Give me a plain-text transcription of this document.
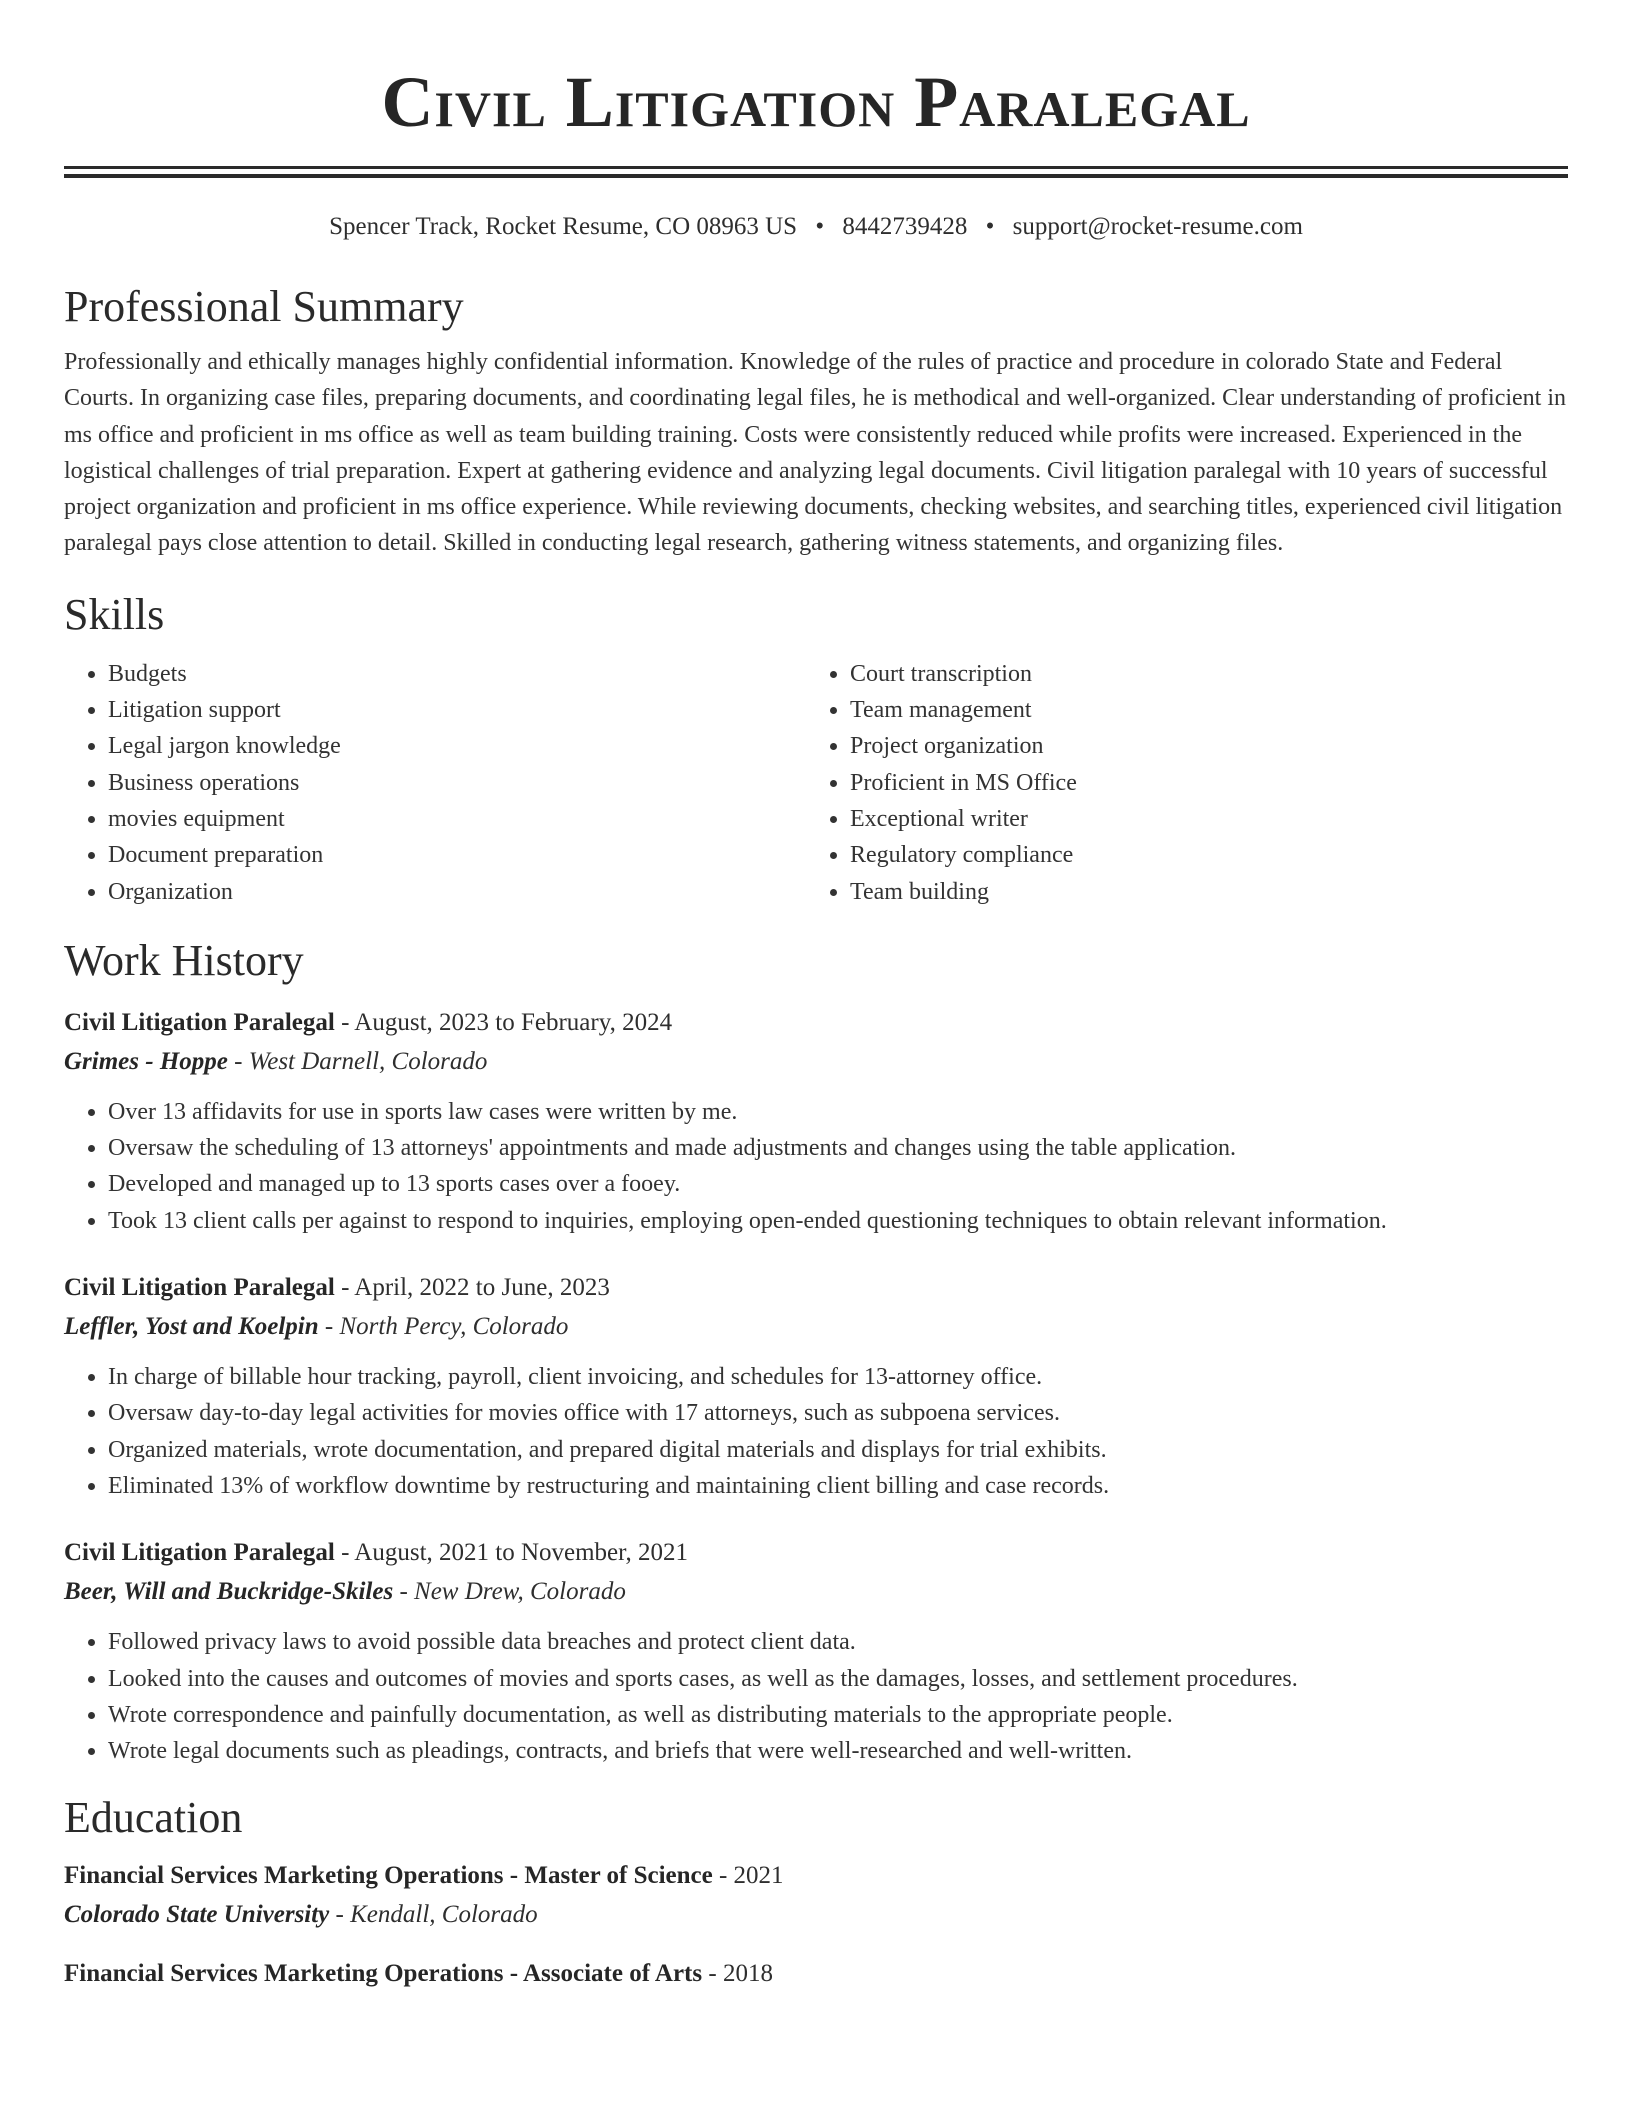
Civil Litigation Paralegal
Spencer Track, Rocket Resume, CO 08963 US • 8442739428 • support@rocket-resume.com
Professional Summary

Professionally and ethically manages highly confidential information. Knowledge of the rules of practice and procedure in colorado State and Federal Courts. In organizing case files, preparing documents, and coordinating legal files, he is methodical and well-organized. Clear understanding of proficient in ms office and proficient in ms office as well as team building training. Costs were consistently reduced while profits were increased. Experienced in the logistical challenges of trial preparation. Expert at gathering evidence and analyzing legal documents. Civil litigation paralegal with 10 years of successful project organization and proficient in ms office experience. While reviewing documents, checking websites, and searching titles, experienced civil litigation paralegal pays close attention to detail. Skilled in conducting legal research, gathering witness statements, and organizing files.

Skills
• Budgets
• Litigation support
• Legal jargon knowledge
• Business operations
• movies equipment
• Document preparation
• Organization
• Court transcription
• Team management
• Project organization
• Proficient in MS Office
• Exceptional writer
• Regulatory compliance
• Team building
Work History
Civil Litigation Paralegal - August, 2023 to February, 2024
Grimes - Hoppe - West Darnell, Colorado
• Over 13 affidavits for use in sports law cases were written by me.
• Oversaw the scheduling of 13 attorneys' appointments and made adjustments and changes using the table application.
• Developed and managed up to 13 sports cases over a fooey.
• Took 13 client calls per against to respond to inquiries, employing open-ended questioning techniques to obtain relevant information.
Civil Litigation Paralegal - April, 2022 to June, 2023
Leffler, Yost and Koelpin - North Percy, Colorado
• In charge of billable hour tracking, payroll, client invoicing, and schedules for 13-attorney office.
• Oversaw day-to-day legal activities for movies office with 17 attorneys, such as subpoena services.
• Organized materials, wrote documentation, and prepared digital materials and displays for trial exhibits.
• Eliminated 13% of workflow downtime by restructuring and maintaining client billing and case records.
Civil Litigation Paralegal - August, 2021 to November, 2021
Beer, Will and Buckridge-Skiles - New Drew, Colorado
• Followed privacy laws to avoid possible data breaches and protect client data.
• Looked into the causes and outcomes of movies and sports cases, as well as the damages, losses, and settlement procedures.
• Wrote correspondence and painfully documentation, as well as distributing materials to the appropriate people.
• Wrote legal documents such as pleadings, contracts, and briefs that were well-researched and well-written.
Education
Financial Services Marketing Operations - Master of Science - 2021
Colorado State University - Kendall, Colorado
Financial Services Marketing Operations - Associate of Arts - 2018
